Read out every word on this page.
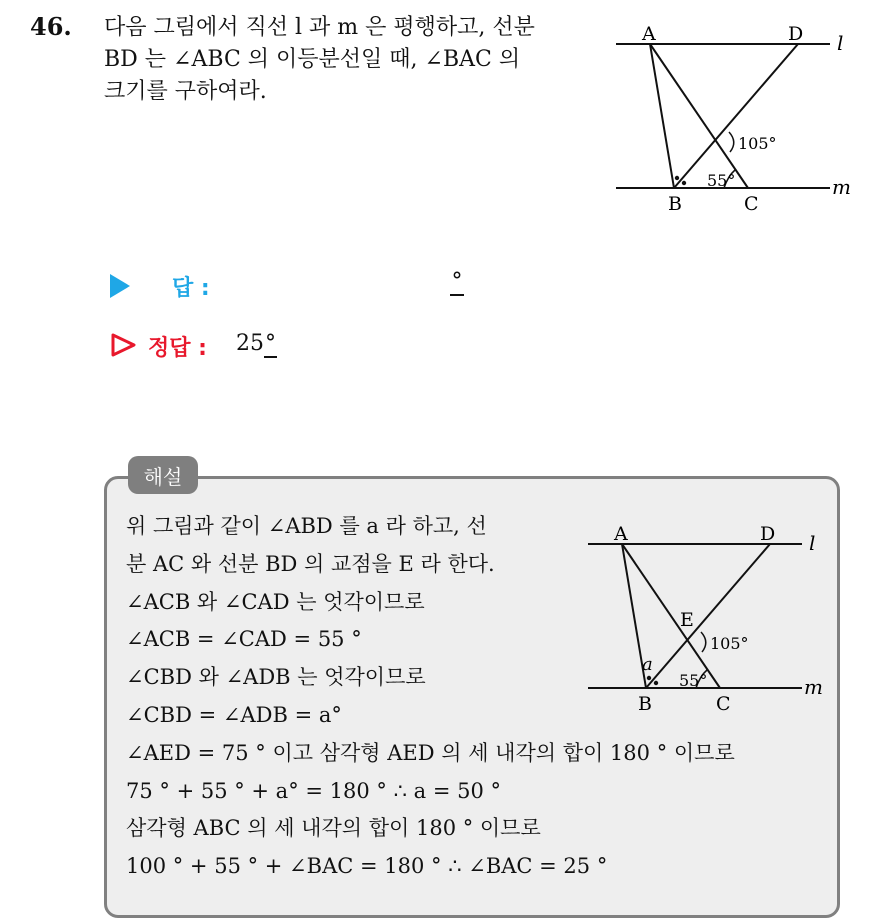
46. 다음 그림에서 직선 l 과 m 은 평행하고, 선분
BD 는 ∠ABC 의 이등분선일 때, ∠BAC 의
크기를 구하여라.
A	D
B	C
l
m
105°
55°
답 :	°
정답 : 25°
해설
위 그림과 같이 ∠ABD 를 a 라 하고, 선
분 AC 와 선분 BD 의 교점을 E 라 한다.
∠ACB 와 ∠CAD 는 엇각이므로
∠ACB = ∠CAD = 55 °
∠CBD 와 ∠ADB 는 엇각이므로
∠CBD = ∠ADB = a°
∠AED = 75 ° 이고 삼각형 AED 의 세 내각의 합이 180 ° 이므로
75 ° + 55 ° + a° = 180 ° ∴ a = 50 °
삼각형 ABC 의 세 내각의 합이 180 ° 이므로
100 ° + 55 ° + ∠BAC = 180 ° ∴ ∠BAC = 25 °
A	D
E
B	C
l
m
105°
55°
a
